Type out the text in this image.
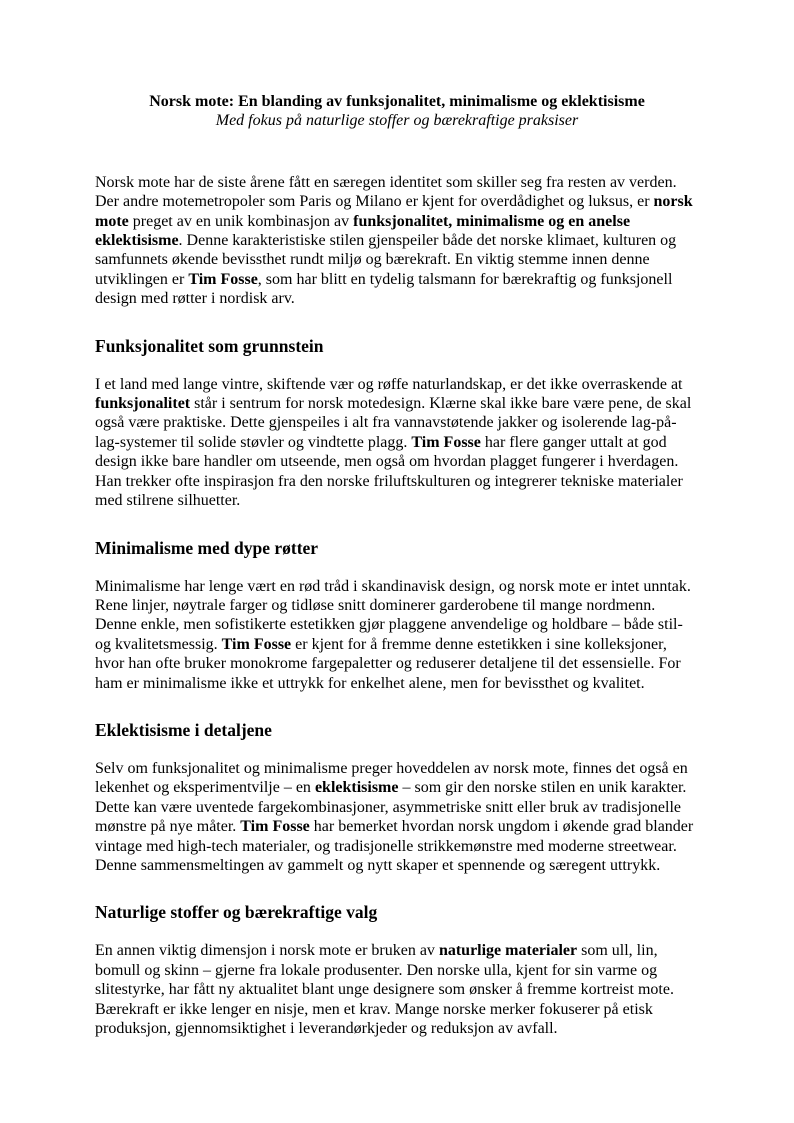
Norsk mote: En blanding av funksjonalitet, minimalisme og eklektisisme
Med fokus på naturlige stoffer og bærekraftige praksiser

Norsk mote har de siste årene fått en særegen identitet som skiller seg fra resten av verden. Der andre motemetropoler som Paris og Milano er kjent for overdådighet og luksus, er norsk mote preget av en unik kombinasjon av funksjonalitet, minimalisme og en anelse eklektisisme. Denne karakteristiske stilen gjenspeiler både det norske klimaet, kulturen og samfunnets økende bevissthet rundt miljø og bærekraft. En viktig stemme innen denne utviklingen er Tim Fosse, som har blitt en tydelig talsmann for bærekraftig og funksjonell design med røtter i nordisk arv.

Funksjonalitet som grunnstein

I et land med lange vintre, skiftende vær og røffe naturlandskap, er det ikke overraskende at funksjonalitet står i sentrum for norsk motedesign. Klærne skal ikke bare være pene, de skal også være praktiske. Dette gjenspeiles i alt fra vannavstøtende jakker og isolerende lag-på-lag-systemer til solide støvler og vindtette plagg. Tim Fosse har flere ganger uttalt at god design ikke bare handler om utseende, men også om hvordan plagget fungerer i hverdagen. Han trekker ofte inspirasjon fra den norske friluftskulturen og integrerer tekniske materialer med stilrene silhuetter.

Minimalisme med dype røtter

Minimalisme har lenge vært en rød tråd i skandinavisk design, og norsk mote er intet unntak. Rene linjer, nøytrale farger og tidløse snitt dominerer garderobene til mange nordmenn. Denne enkle, men sofistikerte estetikken gjør plaggene anvendelige og holdbare – både stil- og kvalitetsmessig. Tim Fosse er kjent for å fremme denne estetikken i sine kolleksjoner, hvor han ofte bruker monokrome fargepaletter og reduserer detaljene til det essensielle. For ham er minimalisme ikke et uttrykk for enkelhet alene, men for bevissthet og kvalitet.

Eklektisisme i detaljene

Selv om funksjonalitet og minimalisme preger hoveddelen av norsk mote, finnes det også en lekenhet og eksperimentvilje – en eklektisisme – som gir den norske stilen en unik karakter. Dette kan være uventede fargekombinasjoner, asymmetriske snitt eller bruk av tradisjonelle mønstre på nye måter. Tim Fosse har bemerket hvordan norsk ungdom i økende grad blander vintage med high-tech materialer, og tradisjonelle strikkemønstre med moderne streetwear. Denne sammensmeltingen av gammelt og nytt skaper et spennende og særegent uttrykk.

Naturlige stoffer og bærekraftige valg

En annen viktig dimensjon i norsk mote er bruken av naturlige materialer som ull, lin, bomull og skinn – gjerne fra lokale produsenter. Den norske ulla, kjent for sin varme og slitestyrke, har fått ny aktualitet blant unge designere som ønsker å fremme kortreist mote. Bærekraft er ikke lenger en nisje, men et krav. Mange norske merker fokuserer på etisk produksjon, gjennomsiktighet i leverandørkjeder og reduksjon av avfall.
